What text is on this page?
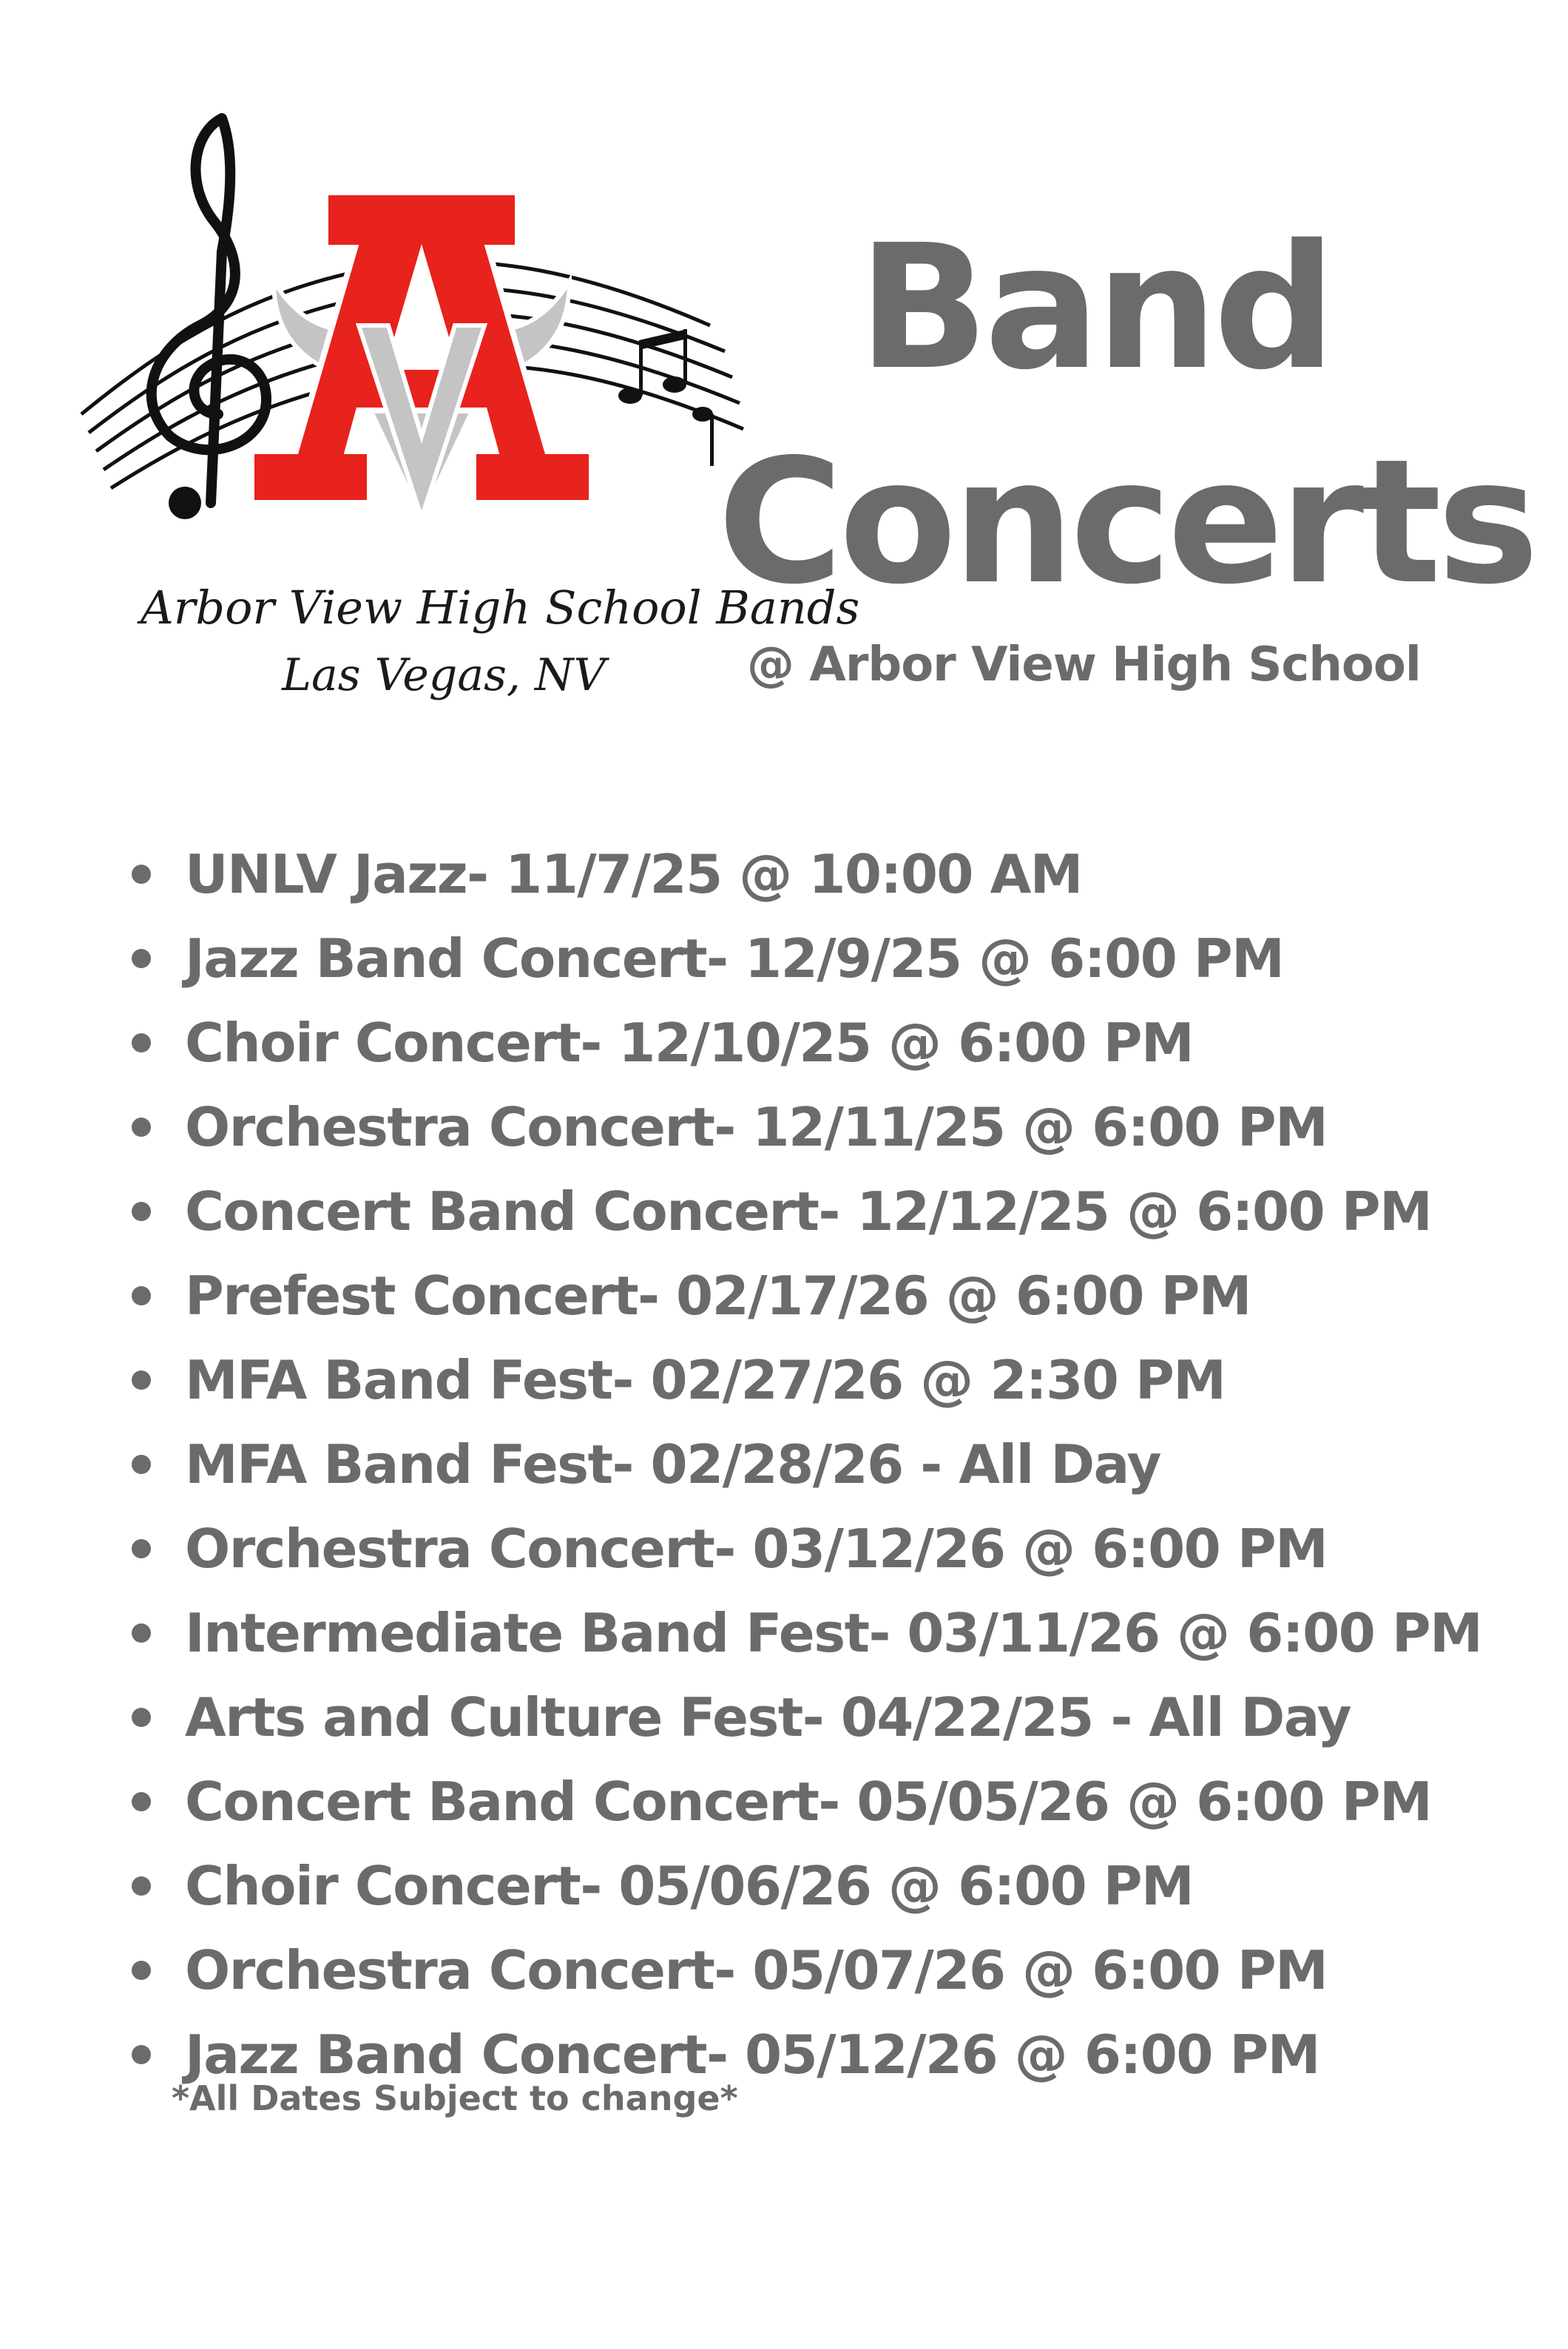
Arbor View High School Bands
Las Vegas, NV
Band
Concerts
@ Arbor View High School
UNLV Jazz- 11/7/25 @ 10:00 AM
Jazz Band Concert- 12/9/25 @ 6:00 PM
Choir Concert- 12/10/25 @ 6:00 PM
Orchestra Concert- 12/11/25 @ 6:00 PM
Concert Band Concert- 12/12/25 @ 6:00 PM
Prefest Concert- 02/17/26 @ 6:00 PM
MFA Band Fest- 02/27/26 @ 2:30 PM
MFA Band Fest- 02/28/26 - All Day
Orchestra Concert- 03/12/26 @ 6:00 PM
Intermediate Band Fest- 03/11/26 @ 6:00 PM
Arts and Culture Fest- 04/22/25 - All Day
Concert Band Concert- 05/05/26 @ 6:00 PM
Choir Concert- 05/06/26 @ 6:00 PM
Orchestra Concert- 05/07/26 @ 6:00 PM
Jazz Band Concert- 05/12/26 @ 6:00 PM
*All Dates Subject to change*
